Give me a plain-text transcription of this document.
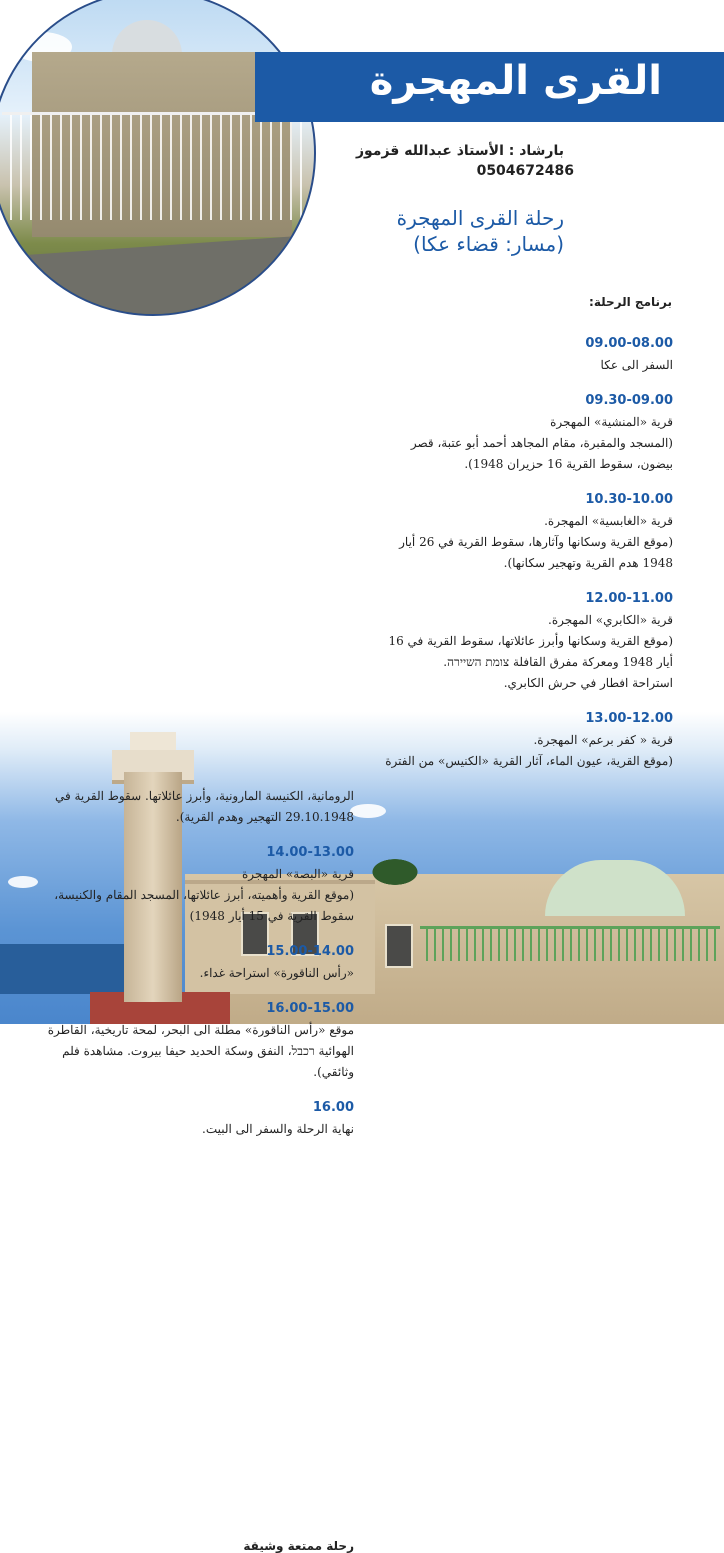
القرى المهجرة
بارشاد : الأستاذ عبدالله قزموز
0504672486
رحلة القرى المهجرة
(مسار: قضاء عكا)
برنامج الرحلة:
09.00-08.00
السفر الى عكا
09.30-09.00
قرية «المنشية» المهجرة
(المسجد والمقبرة، مقام المجاهد أحمد أبو عتبة، قصر بيضون، سقوط القرية 16 حزيران 1948).
10.30-10.00
قرية «الغابسية» المهجرة.
(موقع القرية وسكانها وآثارها، سقوط القرية في 26 أيار 1948 هدم القرية وتهجير سكانها).
12.00-11.00
قرية «الكابري» المهجرة.
(موقع القرية وسكانها وأبرز عائلاتها، سقوط القرية في 16 أيار 1948 ومعركة مفرق القافلة צומת השיירה.
استراحة افطار في حرش الكابري.
13.00-12.00
قرية « كفر برعم» المهجرة.
(موقع القرية، عيون الماء، آثار القرية «الكنيس» من الفترة
الرومانية، الكنيسة المارونية، وأبرز عائلاتها. سقوط القرية في 29.10.1948 التهجير وهدم القرية).
14.00-13.00
قرية «البصة» المهجرة
(موقع القرية وأهميته، أبرز عائلاتها، المسجد المقام والكنيسة، سقوط القرية في 15 أيار 1948)
15.00-14.00
«رأس الناقورة» استراحة غداء.
16.00-15.00
موقع «رأس الناقورة» مطلة الى البحر، لمحة تاريخية، القاطرة الهوائية רכבל، النفق وسكة الحديد حيفا بيروت. مشاهدة فلم وثائقي).
16.00
نهاية الرحلة والسفر الى البيت.
رحلة ممتعة وشيقة
